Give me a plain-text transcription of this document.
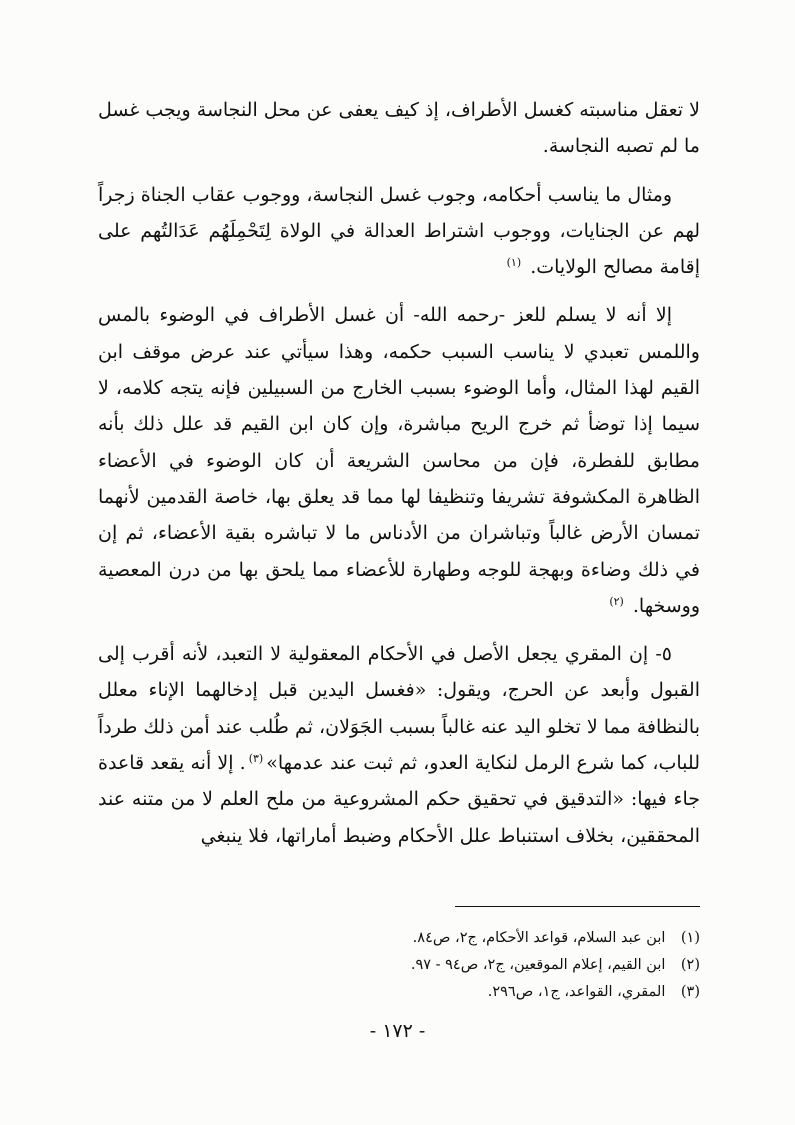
لا تعقل مناسبته كغسل الأطراف، إذ كيف يعفى عن محل النجاسة ويجب غسل ما لم تصبه النجاسة.

ومثال ما يناسب أحكامه، وجوب غسل النجاسة، ووجوب عقاب الجناة زجراً لهم عن الجنايات، ووجوب اشتراط العدالة في الولاة لِتَحْمِلَهُم عَدَالتُهم على إقامة مصالح الولايات. $^{(١)}$

إلا أنه لا يسلم للعز -رحمه الله- أن غسل الأطراف في الوضوء بالمس واللمس تعبدي لا يناسب السبب حكمه، وهذا سيأتي عند عرض موقف ابن القيم لهذا المثال، وأما الوضوء بسبب الخارج من السبيلين فإنه يتجه كلامه، لا سيما إذا توضأ ثم خرج الريح مباشرة، وإن كان ابن القيم قد علل ذلك بأنه مطابق للفطرة، فإن من محاسن الشريعة أن كان الوضوء في الأعضاء الظاهرة المكشوفة تشريفا وتنظيفا لها مما قد يعلق بها، خاصة القدمين لأنهما تمسان الأرض غالباً وتباشران من الأدناس ما لا تباشره بقية الأعضاء، ثم إن في ذلك وضاءة وبهجة للوجه وطهارة للأعضاء مما يلحق بها من درن المعصية ووسخها. $^{(٢)}$

٥- إن المقري يجعل الأصل في الأحكام المعقولية لا التعبد، لأنه أقرب إلى القبول وأبعد عن الحرج، ويقول: «فغسل اليدين قبل إدخالهما الإناء معلل بالنظافة مما لا تخلو اليد عنه غالباً بسبب الجَوَلان، ثم طُلب عند أمن ذلك طرداً للباب، كما شرع الرمل لنكاية العدو، ثم ثبت عند عدمها»$^{(٣)}$. إلا أنه يقعد قاعدة جاء فيها: «التدقيق في تحقيق حكم المشروعية من ملح العلم لا من متنه عند المحققين، بخلاف استنباط علل الأحكام وضبط أماراتها، فلا ينبغي

(١) ابن عبد السلام، قواعد الأحكام، ج٢، ص٨٤.
(٢) ابن القيم، إعلام الموقعين، ج٢، ص٩٤ - ٩٧.
(٣) المقري، القواعد، ج١، ص٢٩٦.
- ١٧٢ -
